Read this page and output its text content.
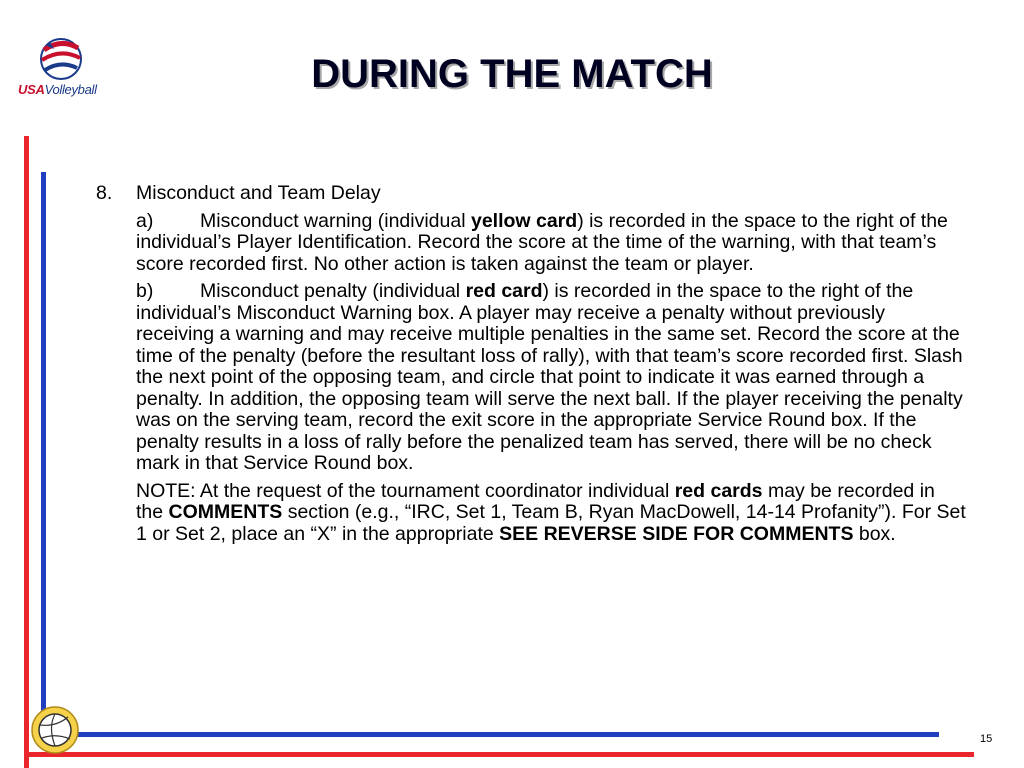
USAVolleyball	DURING THE MATCH
15
8.	Misconduct and Team Delay
a) Misconduct warning (individual yellow card) is recorded in the space to the right of the individual’s Player Identification. Record the score at the time of the warning, with that team’s score recorded first. No other action is taken against the team or player.
b) Misconduct penalty (individual red card) is recorded in the space to the right of the individual’s Misconduct Warning box. A player may receive a penalty without previously receiving a warning and may receive multiple penalties in the same set. Record the score at the time of the penalty (before the resultant loss of rally), with that team’s score recorded first. Slash the next point of the opposing team, and circle that point to indicate it was earned through a penalty. In addition, the opposing team will serve the next ball. If the player receiving the penalty was on the serving team, record the exit score in the appropriate Service Round box. If the penalty results in a loss of rally before the penalized team has served, there will be no check mark in that Service Round box.
NOTE: At the request of the tournament coordinator individual red cards may be recorded in the COMMENTS section (e.g., “IRC, Set 1, Team B, Ryan MacDowell, 14-14 Profanity”). For Set 1 or Set 2, place an “X” in the appropriate SEE REVERSE SIDE FOR COMMENTS box.
